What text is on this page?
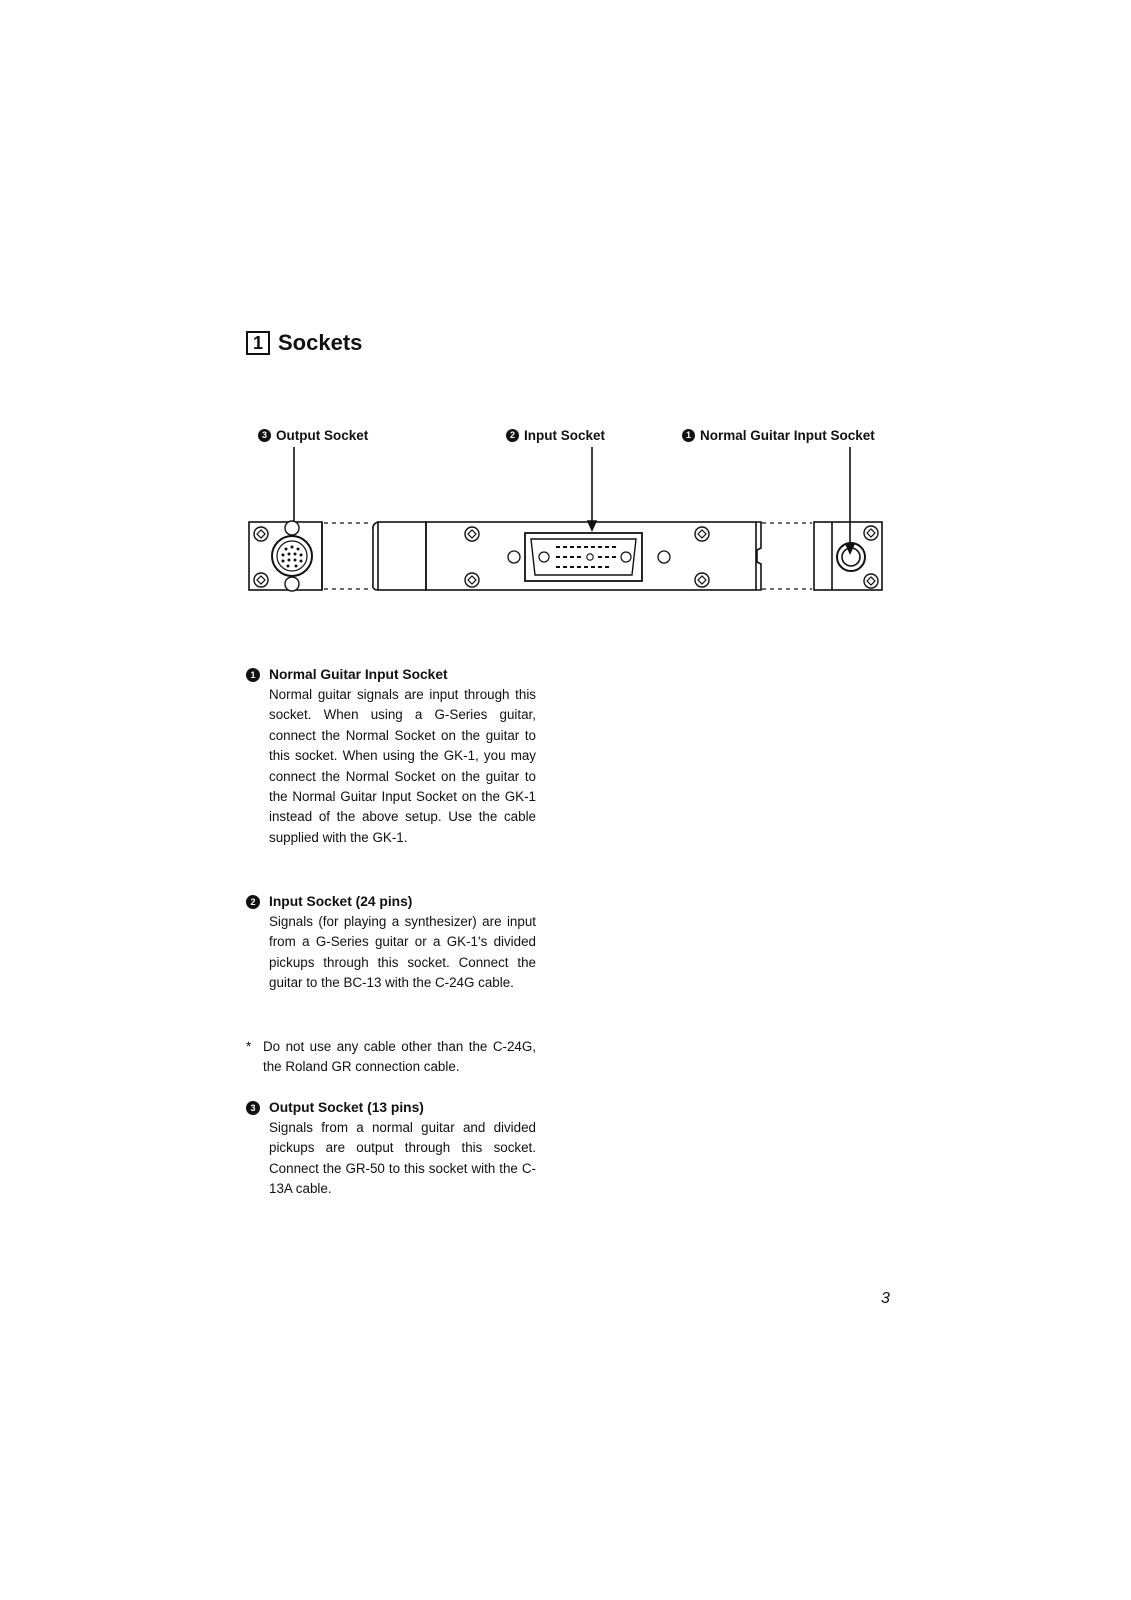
1 Sockets
3 Output Socket	2 Input Socket	1 Normal Guitar Input Socket
1 Normal Guitar Input Socket
Normal guitar signals are input through this socket. When using a G-Series guitar, connect the Normal Socket on the guitar to this socket. When using the GK-1, you may connect the Normal Socket on the guitar to the Normal Guitar Input Socket on the GK-1 instead of the above setup. Use the cable supplied with the GK-1.
2 Input Socket (24 pins)
Signals (for playing a synthesizer) are input from a G-Series guitar or a GK-1's divided pickups through this socket. Connect the guitar to the BC-13 with the C-24G cable.
* Do not use any cable other than the C-24G, the Roland GR connection cable.
3 Output Socket (13 pins)
Signals from a normal guitar and divided pickups are output through this socket. Connect the GR-50 to this socket with the C-13A cable.
3
